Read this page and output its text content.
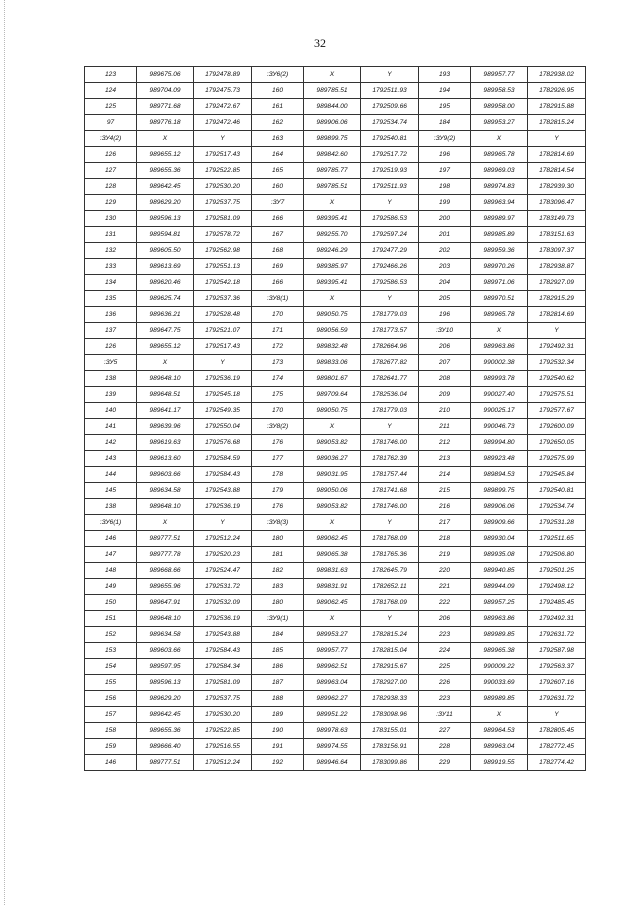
32
123	989675.06	1792478.89	:ЗУ6(2)	X	Y	193	989957.77	1782938.02
124	989704.09	1792475.73	160	989785.51	1792511.93	194	989958.53	1782926.95
125	989771.68	1792472.67	161	989844.00	1792509.66	195	989958.00	1782915.88
97	989776.18	1792472.46	162	989906.06	1792534.74	184	989953.27	1782815.24
:ЗУ4(2)	X	Y	163	989899.75	1792540.81	:ЗУ9(2)	X	Y
126	989655.12	1792517.43	164	989842.60	1792517.72	196	989965.78	1782814.69
127	989655.36	1792522.85	165	989785.77	1792519.93	197	989969.03	1782814.54
128	989642.45	1792530.20	160	989785.51	1792511.93	198	989974.83	1782939.30
129	989629.20	1792537.75	:ЗУ7	X	Y	199	989963.94	1783096.47
130	989596.13	1792581.09	166	989395.41	1792586.53	200	989989.97	1783149.73
131	989594.81	1792578.72	167	989255.70	1792597.24	201	989985.89	1783151.63
132	989605.50	1792562.98	168	989246.29	1792477.29	202	989959.36	1783097.37
133	989613.69	1792551.13	169	989385.97	1792466.26	203	989970.26	1782938.87
134	989620.46	1792542.18	166	989395.41	1792586.53	204	989971.06	1782927.09
135	989625.74	1792537.36	:ЗУ8(1)	X	Y	205	989970.51	1782915.29
136	989636.21	1792528.48	170	989050.75	1781779.03	196	989965.78	1782814.69
137	989647.75	1792521.07	171	989056.59	1781773.57	:ЗУ10	X	Y
126	989655.12	1792517.43	172	989832.48	1782664.96	206	989963.86	1792492.31
:ЗУ5	X	Y	173	989833.06	1782677.82	207	990002.38	1792532.34
138	989648.10	1792536.19	174	989801.67	1782641.77	208	989993.78	1792540.62
139	989648.51	1792545.18	175	989709.64	1782536.04	209	990027.40	1792575.51
140	989641.17	1792549.35	170	989050.75	1781779.03	210	990025.17	1792577.67
141	989639.96	1792550.04	:ЗУ8(2)	X	Y	211	990046.73	1792600.09
142	989619.63	1792576.68	176	989053.82	1781746.00	212	989994.80	1792650.05
143	989613.60	1792584.59	177	989036.27	1781762.39	213	989923.48	1792575.99
144	989603.66	1792584.43	178	989031.95	1781757.44	214	989894.53	1792545.84
145	989634.58	1792543.88	179	989050.06	1781741.68	215	989899.75	1792540.81
138	989648.10	1792536.19	176	989053.82	1781746.00	216	989906.06	1792534.74
:ЗУ6(1)	X	Y	:ЗУ8(3)	X	Y	217	989909.66	1792531.28
146	989777.51	1792512.24	180	989062.45	1781768.09	218	989930.04	1792511.65
147	989777.78	1792520.23	181	989065.38	1781765.36	219	989935.08	1792506.80
148	989668.66	1792524.47	182	989831.63	1782645.79	220	989940.85	1792501.25
149	989655.96	1792531.72	183	989831.91	1782652.11	221	989944.09	1792498.12
150	989647.91	1792532.09	180	989062.45	1781768.09	222	989957.25	1792485.45
151	989648.10	1792536.19	:ЗУ9(1)	X	Y	206	989963.86	1792492.31
152	989634.58	1792543.88	184	989953.27	1782815.24	223	989989.85	1792631.72
153	989603.66	1792584.43	185	989957.77	1782815.04	224	989965.38	1792587.98
154	989597.95	1792584.34	186	989962.51	1782915.67	225	990009.22	1792563.37
155	989596.13	1792581.09	187	989963.04	1782927.00	226	990033.69	1792607.16
156	989629.20	1792537.75	188	989962.27	1782938.33	223	989989.85	1792631.72
157	989642.45	1792530.20	189	989951.22	1783098.96	:ЗУ11	X	Y
158	989655.36	1792522.85	190	989978.63	1783155.01	227	989964.53	1782805.45
159	989666.40	1792516.55	191	989974.55	1783156.91	228	989963.04	1782772.45
146	989777.51	1792512.24	192	989946.64	1783099.86	229	989919.55	1782774.42
